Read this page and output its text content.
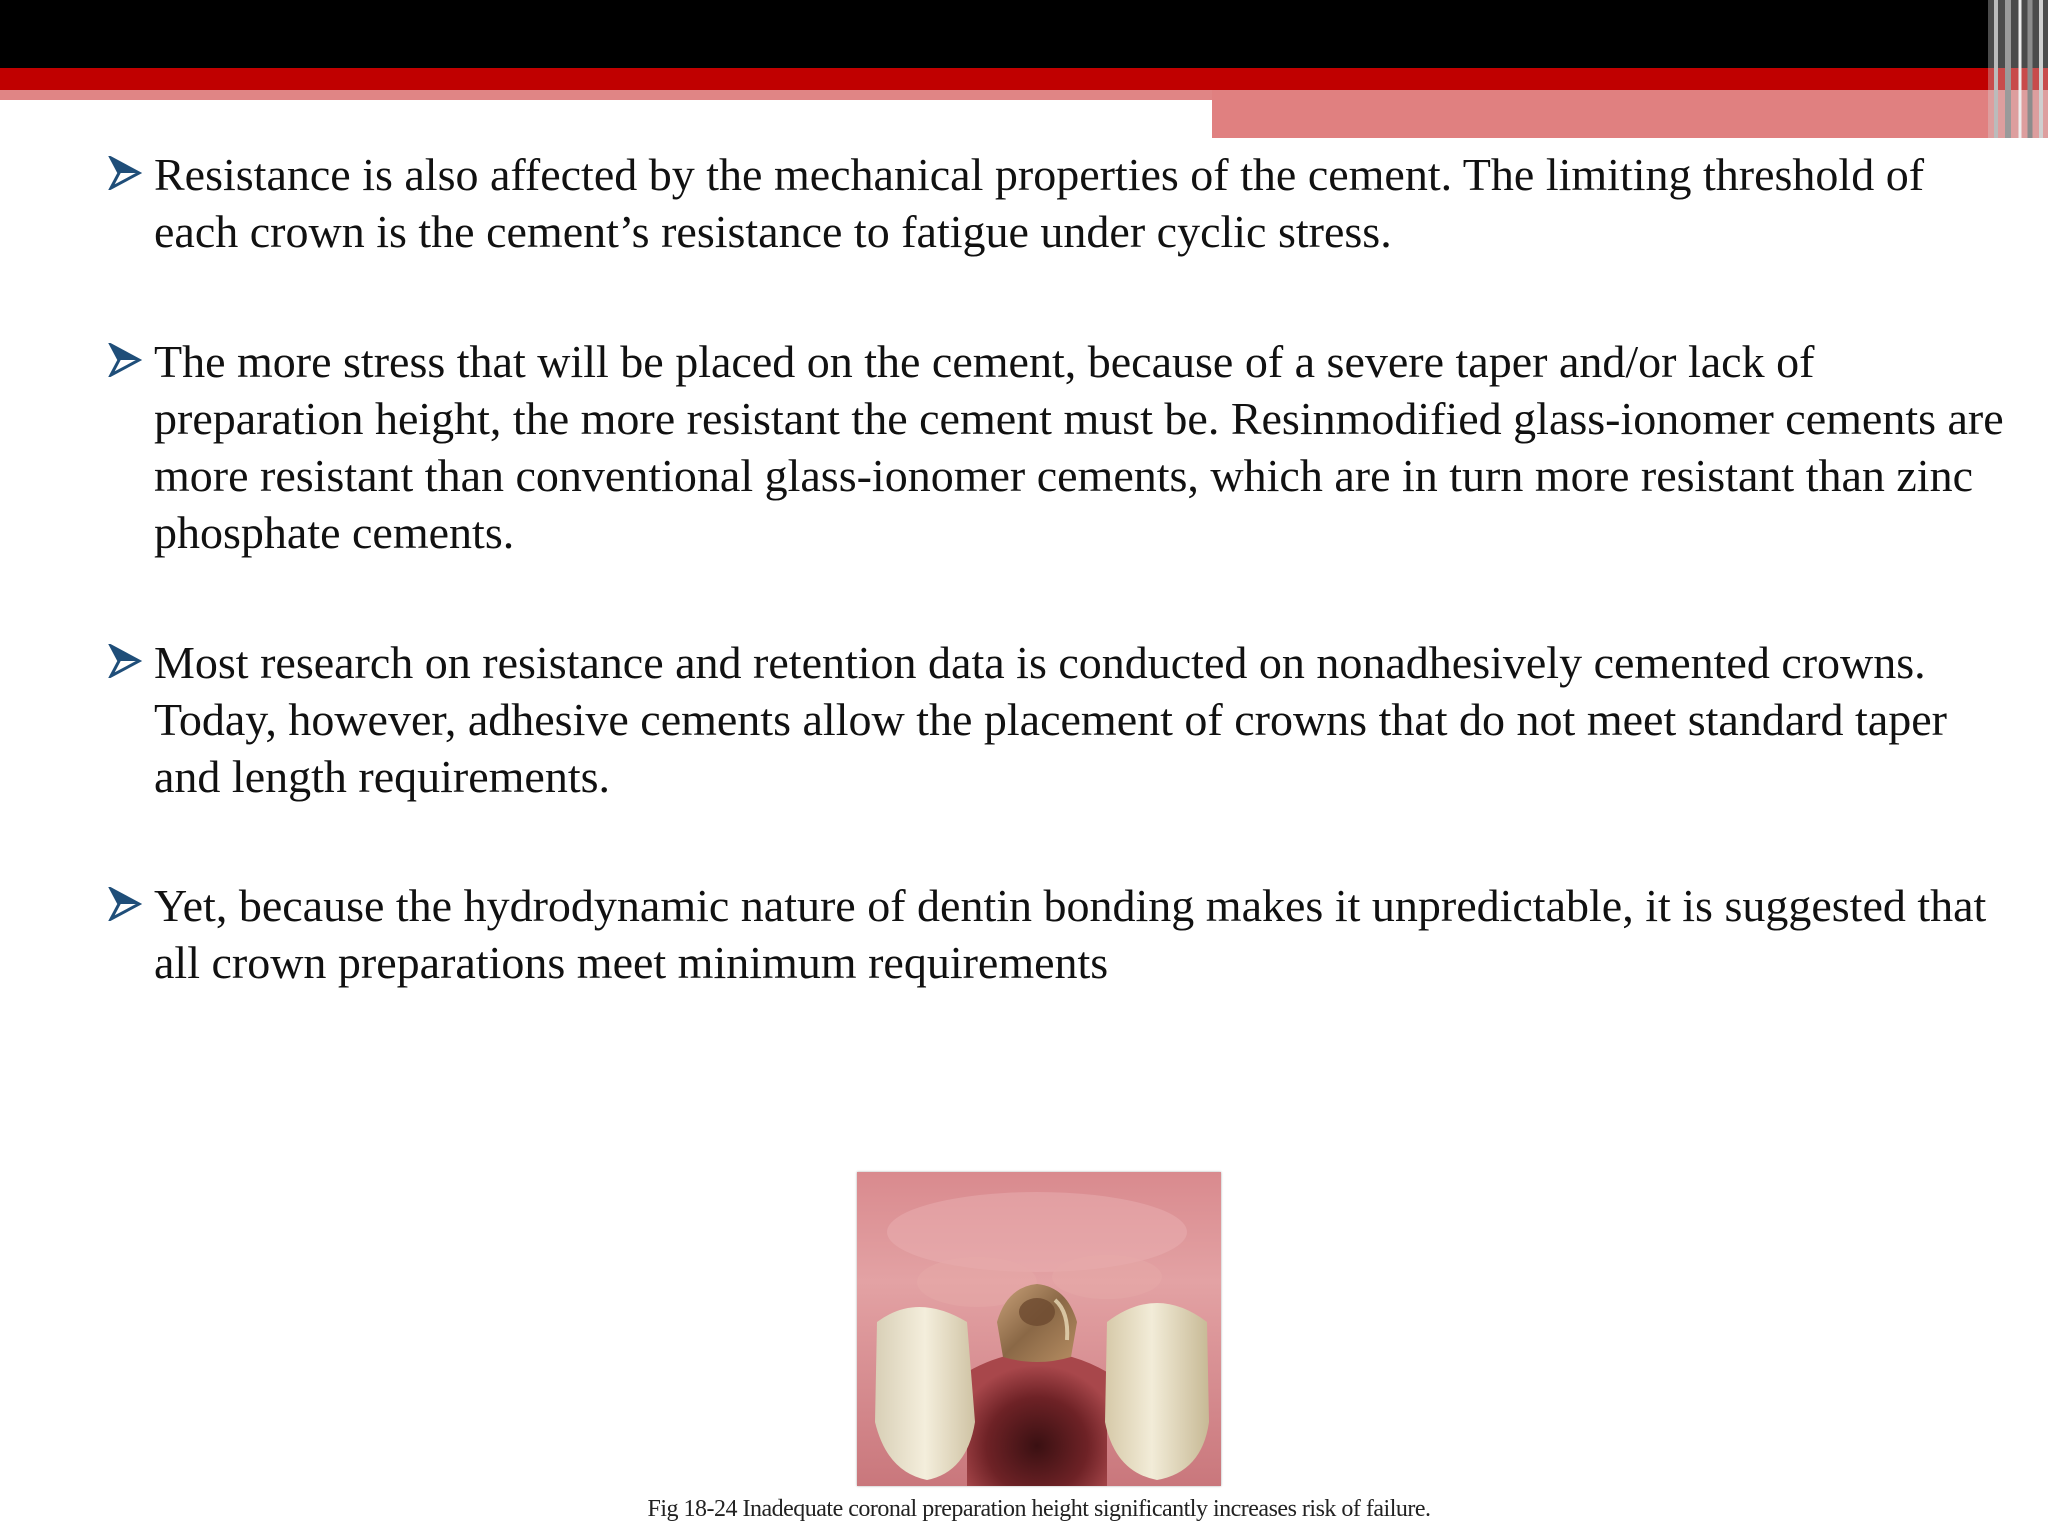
Resistance is also affected by the mechanical properties of the cement. The limiting threshold of each crown is the cement’s resistance to fatigue under cyclic stress.
The more stress that will be placed on the cement, because of a severe taper and/or lack of preparation height, the more resistant the cement must be. Resinmodified glass-ionomer cements are more resistant than conventional glass-ionomer cements, which are in turn more resistant than zinc phosphate cements.
Most research on resistance and retention data is conducted on nonadhesively cemented crowns. Today, however, adhesive cements allow the placement of crowns that do not meet standard taper and length requirements.
Yet, because the hydrodynamic nature of dentin bonding makes it unpredictable, it is suggested that all crown preparations meet minimum requirements
Fig 18-24 Inadequate coronal preparation height significantly increases risk of failure.
